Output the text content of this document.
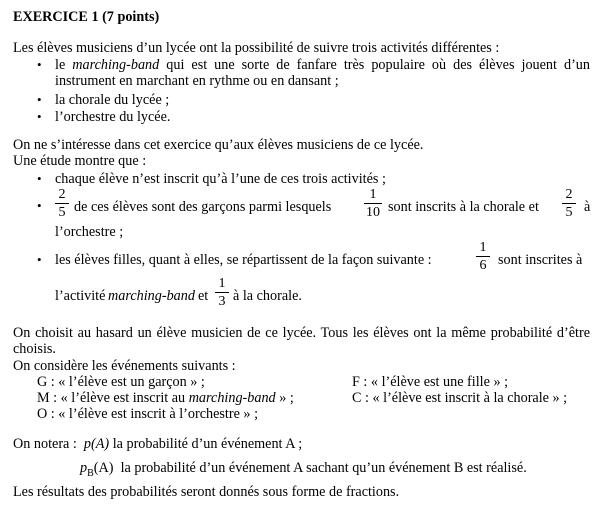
EXERCICE 1 (7 points)
Les élèves musiciens d’un lycée ont la possibilité de suivre trois activités différentes :
• le marching-band qui est une sorte de fanfare très populaire où des élèves jouent d’un
instrument en marchant en rythme ou en dansant ;
• la chorale du lycée ;
• l’orchestre du lycée.
On ne s’intéresse dans cet exercice qu’aux élèves musiciens de ce lycée.
Une étude montre que :
• chaque élève n’est inscrit qu’à l’une de ces trois activités ;
•
2
5 de ces élèves sont des garçons parmi lesquels
1
10 sont inscrits à la chorale et
2
5 à
l’orchestre ;
• les élèves filles, quant à elles, se répartissent de la façon suivante :
1
6 sont inscrites à
l’activité marching-band et
1
3 à la chorale.
On choisit au hasard un élève musicien de ce lycée. Tous les élèves ont la même probabilité d’être
choisis.
On considère les événements suivants :
G : « l’élève est un garçon » ;	F : « l’élève est une fille » ;
M : « l’élève est inscrit au marching-band » ;	C : « l’élève est inscrit à la chorale » ;
O : « l’élève est inscrit à l’orchestre » ;
On notera : p(A) la probabilité d’un événement A ;
$p_B(A)$ la probabilité d’un événement A sachant qu’un événement B est réalisé.
Les résultats des probabilités seront donnés sous forme de fractions.
